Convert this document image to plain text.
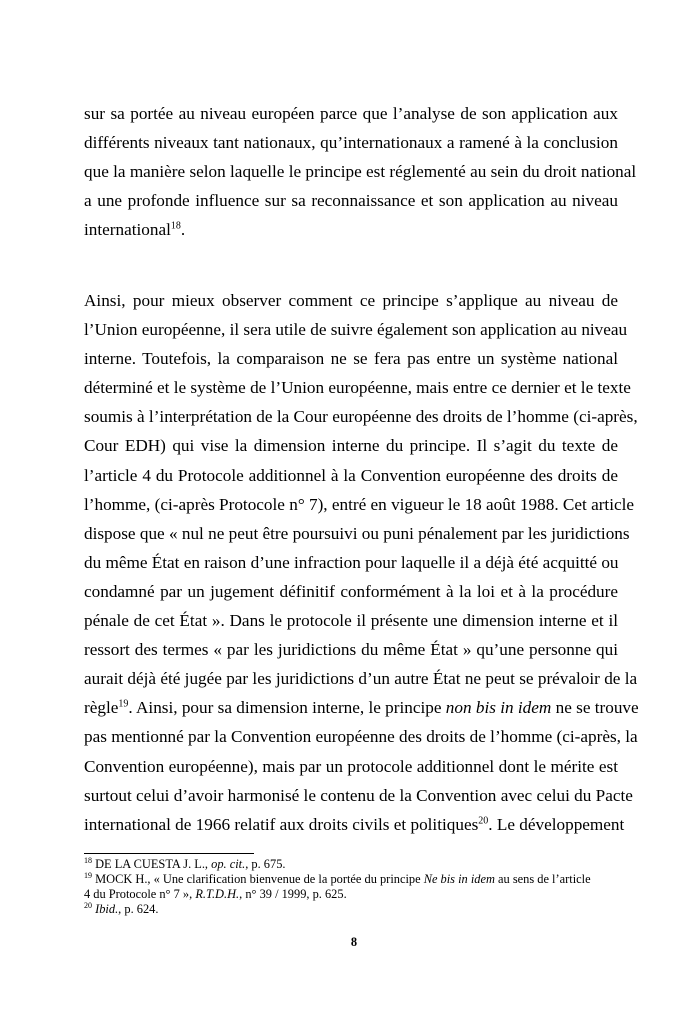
sur sa portée au niveau européen parce que l’analyse de son application aux
différents niveaux tant nationaux, qu’internationaux a ramené à la conclusion
que la manière selon laquelle le principe est réglementé au sein du droit national
a une profonde influence sur sa reconnaissance et son application au niveau
international$^{18}$.

Ainsi, pour mieux observer comment ce principe s’applique au niveau de
l’Union européenne, il sera utile de suivre également son application au niveau
interne. Toutefois, la comparaison ne se fera pas entre un système national
déterminé et le système de l’Union européenne, mais entre ce dernier et le texte
soumis à l’interprétation de la Cour européenne des droits de l’homme (ci-après,
Cour EDH) qui vise la dimension interne du principe. Il s’agit du texte de
l’article 4 du Protocole additionnel à la Convention européenne des droits de
l’homme, (ci-après Protocole n° 7), entré en vigueur le 18 août 1988. Cet article
dispose que « nul ne peut être poursuivi ou puni pénalement par les juridictions
du même État en raison d’une infraction pour laquelle il a déjà été acquitté ou
condamné par un jugement définitif conformément à la loi et à la procédure
pénale de cet État ». Dans le protocole il présente une dimension interne et il
ressort des termes « par les juridictions du même État » qu’une personne qui
aurait déjà été jugée par les juridictions d’un autre État ne peut se prévaloir de la
règle$^{19}$. Ainsi, pour sa dimension interne, le principe non bis in idem ne se trouve
pas mentionné par la Convention européenne des droits de l’homme (ci-après, la
Convention européenne), mais par un protocole additionnel dont le mérite est
surtout celui d’avoir harmonisé le contenu de la Convention avec celui du Pacte
international de 1966 relatif aux droits civils et politiques$^{20}$. Le développement

$^{18}$ DE LA CUESTA J. L., op. cit., p. 675.
$^{19}$ MOCK H., « Une clarification bienvenue de la portée du principe Ne bis in idem au sens de l’article
4 du Protocole n° 7 », R.T.D.H., n° 39 / 1999, p. 625.
$^{20}$ Ibid., p. 624.
8
